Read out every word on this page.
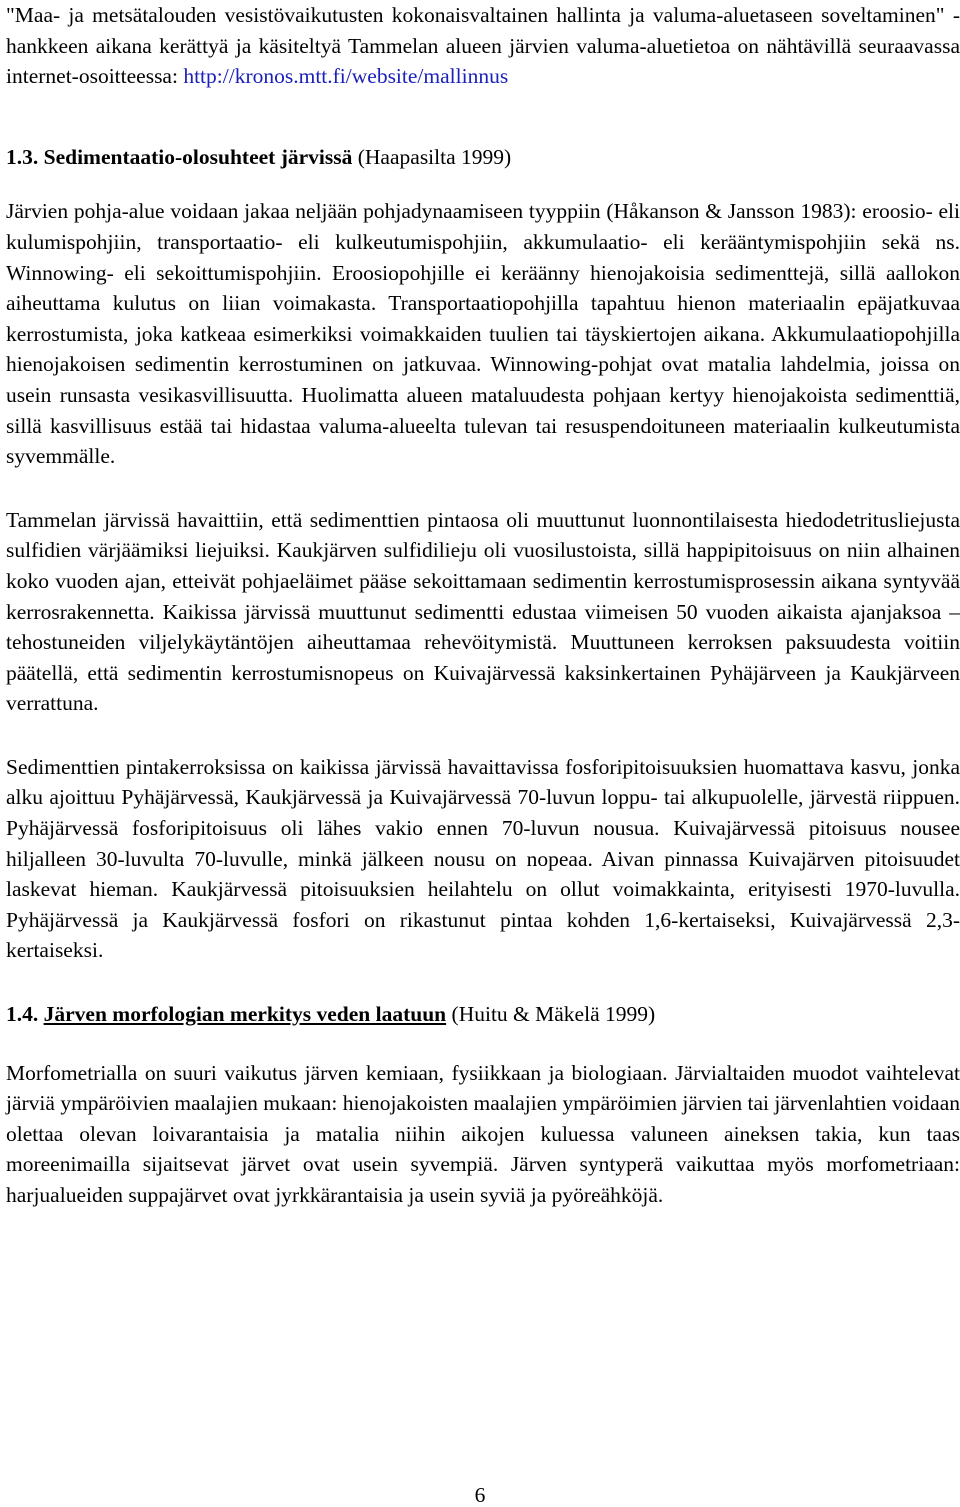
"Maa- ja metsätalouden vesistövaikutusten kokonaisvaltainen hallinta ja valuma-aluetaseen soveltaminen" - hankkeen aikana kerättyä ja käsiteltyä Tammelan alueen järvien valuma-aluetietoa on nähtävillä seuraavassa internet-osoitteessa: http://kronos.mtt.fi/website/mallinnus

1.3. Sedimentaatio-olosuhteet järvissä (Haapasilta 1999)

Järvien pohja-alue voidaan jakaa neljään pohjadynaamiseen tyyppiin (Håkanson & Jansson 1983): eroosio- eli kulumispohjiin, transportaatio- eli kulkeutumispohjiin, akkumulaatio- eli kerääntymispohjiin sekä ns. Winnowing- eli sekoittumispohjiin. Eroosiopohjille ei keräänny hienojakoisia sedimenttejä, sillä aallokon aiheuttama kulutus on liian voimakasta. Transportaatiopohjilla tapahtuu hienon materiaalin epäjatkuvaa kerrostumista, joka katkeaa esimerkiksi voimakkaiden tuulien tai täyskiertojen aikana. Akkumulaatiopohjilla hienojakoisen sedimentin kerrostuminen on jatkuvaa. Winnowing-pohjat ovat matalia lahdelmia, joissa on usein runsasta vesikasvillisuutta. Huolimatta alueen mataluudesta pohjaan kertyy hienojakoista sedimenttiä, sillä kasvillisuus estää tai hidastaa valuma-alueelta tulevan tai resuspendoituneen materiaalin kulkeutumista syvemmälle.

Tammelan järvissä havaittiin, että sedimenttien pintaosa oli muuttunut luonnontilaisesta hiedodetritusliejusta sulfidien värjäämiksi liejuiksi. Kaukjärven sulfidilieju oli vuosilustoista, sillä happipitoisuus on niin alhainen koko vuoden ajan, etteivät pohjaeläimet pääse sekoittamaan sedimentin kerrostumisprosessin aikana syntyvää kerrosrakennetta. Kaikissa järvissä muuttunut sedimentti edustaa viimeisen 50 vuoden aikaista ajanjaksoa – tehostuneiden viljelykäytäntöjen aiheuttamaa rehevöitymistä. Muuttuneen kerroksen paksuudesta voitiin päätellä, että sedimentin kerrostumisnopeus on Kuivajärvessä kaksinkertainen Pyhäjärveen ja Kaukjärveen verrattuna.

Sedimenttien pintakerroksissa on kaikissa järvissä havaittavissa fosforipitoisuuksien huomattava kasvu, jonka alku ajoittuu Pyhäjärvessä, Kaukjärvessä ja Kuivajärvessä 70-luvun loppu- tai alkupuolelle, järvestä riippuen. Pyhäjärvessä fosforipitoisuus oli lähes vakio ennen 70-luvun nousua. Kuivajärvessä pitoisuus nousee hiljalleen 30-luvulta 70-luvulle, minkä jälkeen nousu on nopeaa. Aivan pinnassa Kuivajärven pitoisuudet laskevat hieman. Kaukjärvessä pitoisuuksien heilahtelu on ollut voimakkainta, erityisesti 1970-luvulla. Pyhäjärvessä ja Kaukjärvessä fosfori on rikastunut pintaa kohden 1,6-kertaiseksi, Kuivajärvessä 2,3- kertaiseksi.

1.4. Järven morfologian merkitys veden laatuun (Huitu & Mäkelä 1999)

Morfometrialla on suuri vaikutus järven kemiaan, fysiikkaan ja biologiaan. Järvialtaiden muodot vaihtelevat järviä ympäröivien maalajien mukaan: hienojakoisten maalajien ympäröimien järvien tai järvenlahtien voidaan olettaa olevan loivarantaisia ja matalia niihin aikojen kuluessa valuneen aineksen takia, kun taas moreenimailla sijaitsevat järvet ovat usein syvempiä. Järven syntyperä vaikuttaa myös morfometriaan: harjualueiden suppajärvet ovat jyrkkärantaisia ja usein syviä ja pyöreähköjä.

6
